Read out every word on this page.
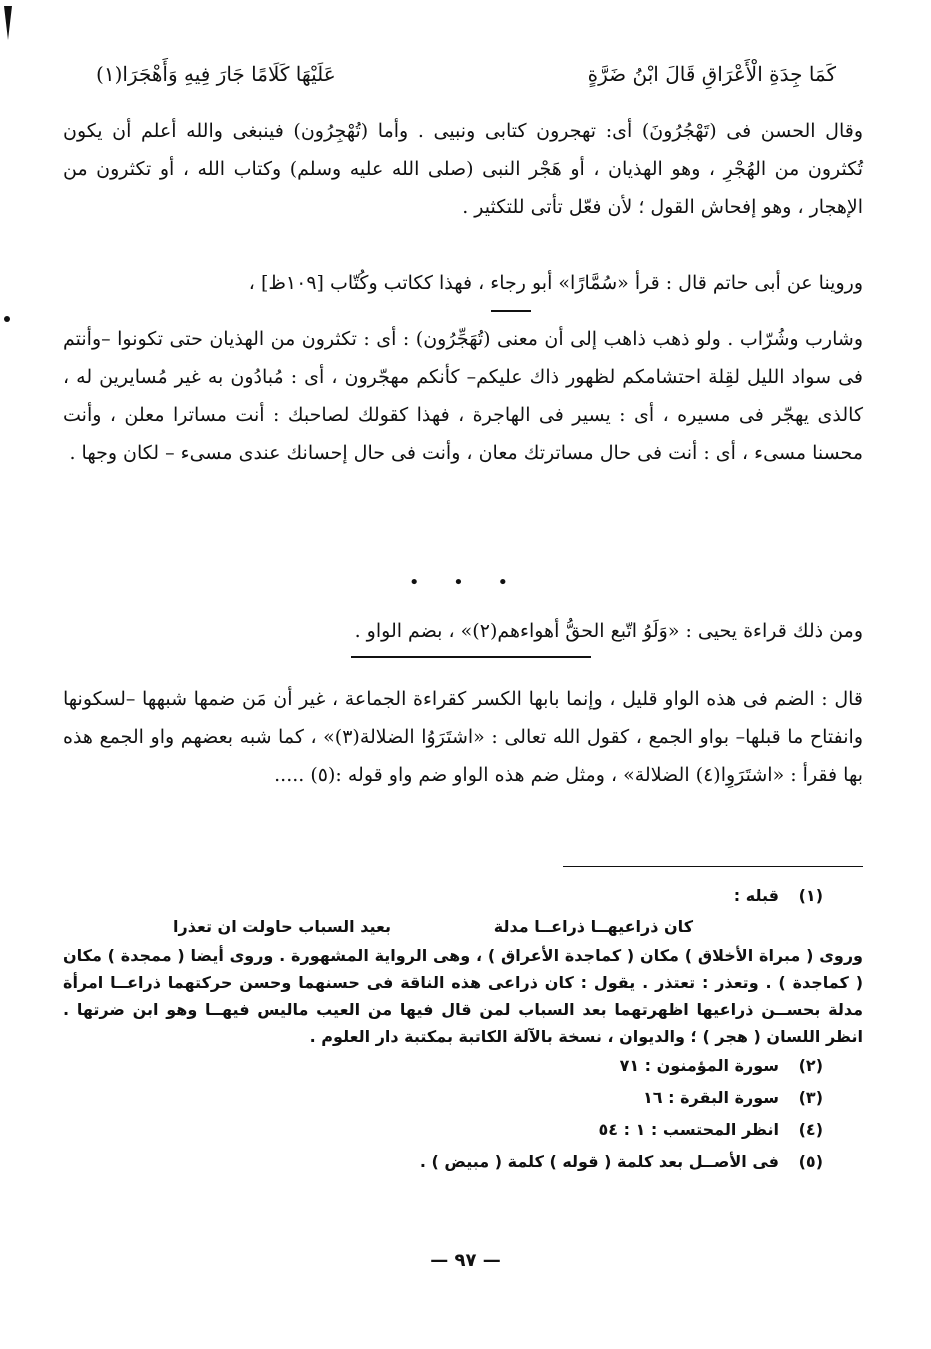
كَمَا جِدَةِ الْأَعْرَاقِ قَالَ ابْنُ ضَرَّةٍ
عَلَيْهَا كَلَامًا جَارَ فِيهِ وَأَهْجَرَا(١)

وقال الحسن فى (تَهْجُرُونَ) أى: تهجرون كتابى ونبيى . وأما (تُهْجِرُون) فينبغى والله أعلم أن يكون تُكثرون من الهُجْرِ ، وهو الهذيان ، أو هَجْر النبى (صلى الله عليه وسلم) وكتاب الله ، أو تكثرون من الإهجار ، وهو إفحاش القول ؛ لأن فعّل تأتى للتكثير .

وروينا عن أبى حاتم قال : قرأ «سُمَّارًا» أبو رجاء ، فهذا ككاتب وكُتّاب [١٠٩ظ] ،

وشارب وشُرّاب . ولو ذهب ذاهب إلى أن معنى (تُهَجِّرُون) : أى : تكثرون من الهذيان حتى تكونوا –وأنتم فى سواد الليل لقِلة احتشامكم لظهور ذاك عليكم– كأنكم مهجّرون ، أى : مُبادُون به غير مُسايرين له ، كالذى يهجّر فى مسيره ، أى : يسير فى الهاجرة ، فهذا كقولك لصاحبك : أنت مساترا معلن ، وأنت محسنا مسىء ، أى : أنت فى حال مساترتك معان ، وأنت فى حال إحسانك عندى مسىء – لكان وجها .

• • •

ومن ذلك قراءة يحيى : «وَلَوُ اتّبع الحقُّ أهواءهم(٢)» ، بضم الواو .

قال : الضم فى هذه الواو قليل ، وإنما بابها الكسر كقراءة الجماعة ، غير أن مَن ضمها شبهها –لسكونها وانفتاح ما قبلها– بواو الجمع ، كقول الله تعالى : «اشتَرَوُا الضلالة(٣)» ، كما شبه بعضهم واو الجمع هذه بها فقرأ : «اشتَرَوِا(٤) الضلالة» ، ومثل ضم هذه الواو ضم واو قوله :(٥) .....

(١)
قبله :
كان ذراعيهــا ذراعــا مدلة
بعيد السباب حاولت ان تعذرا

وروى ( مبراة الأخلاق ) مكان ( كماجدة الأعراق ) ، وهى الرواية المشهورة . وروى أيضا ( ممجدة ) مكان ( كماجدة ) . وتعذر : تعتذر . يقول : كان ذراعى هذه الناقة فى حسنهما وحسن حركتهما ذراعــا امرأة مدلة بحســن ذراعيها اظهرتهما بعد السباب لمن قال فيها من العيب ماليس فيهــا وهو ابن ضرتها . انظر اللسان ( هجر ) ؛ والديوان ، نسخة بالآلة الكاتبة بمكتبة دار العلوم .

(٢)
سورة المؤمنون : ٧١
(٣)
سورة البقرة : ١٦
(٤)
انظر المحتسب : ١ : ٥٤
(٥)
فى الأصــل بعد كلمة ( قوله ) كلمة ( مبيض ) .
— ٩٧ —
